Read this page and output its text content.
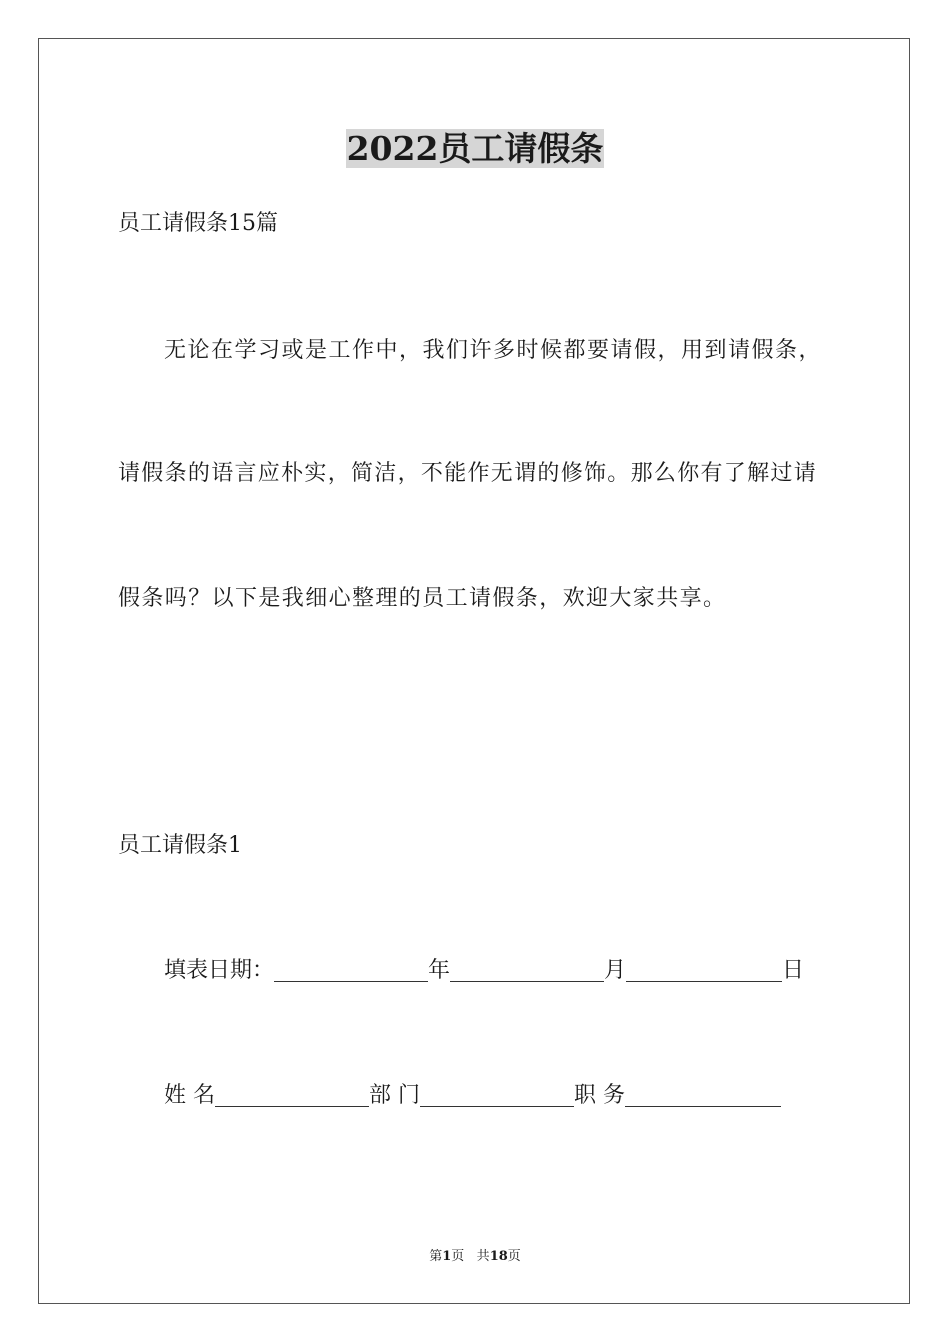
2022员工请假条

员工请假条15篇

无论在学习或是工作中，我们许多时候都要请假，用到请假条，

请假条的语言应朴实，简洁，不能作无谓的修饰。那么你有了解过请

假条吗？以下是我细心整理的员工请假条，欢迎大家共享。

员工请假条1

填表日期：	年	月	日
姓 名	部 门	职 务

第1页 共18页
